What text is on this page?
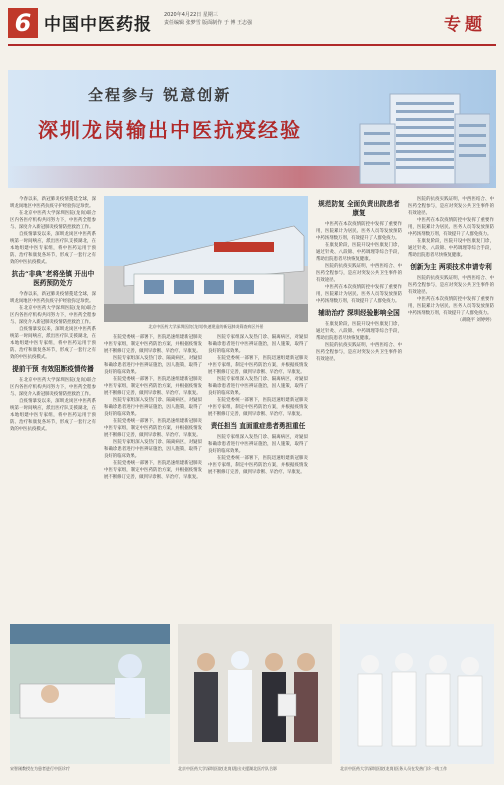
6 中国中医药报 2020年4月22日 星期三
责任编辑 张梦雪 版面制作 于 博 王志强	专题
全程参与 锐意创新
深圳龙岗输出中医抗疫经验

今春以来，新冠肺炎疫情蔓延全球，深圳龙岗地区中医药抗疫守护经验弥足珍贵。

在北京中医药大学深圳医院(龙岗)联合区内各医疗机构共同努力下，中医药全程参与、深度介入新冠肺炎疫情防控救治工作。

自疫情暴发以来，深圳龙岗区中医药系统第一时间响应，派出医疗队支援湖北，在本地组建中医专家组，将中医药运用于预防、治疗和康复各环节，形成了一套行之有效的中医抗疫模式。

抗击“非典”老将坐镇 开出中医药预防处方

今春以来，新冠肺炎疫情蔓延全球，深圳龙岗地区中医药抗疫守护经验弥足珍贵。

在北京中医药大学深圳医院(龙岗)联合区内各医疗机构共同努力下，中医药全程参与、深度介入新冠肺炎疫情防控救治工作。

自疫情暴发以来，深圳龙岗区中医药系统第一时间响应，派出医疗队支援湖北，在本地组建中医专家组，将中医药运用于预防、治疗和康复各环节，形成了一套行之有效的中医抗疫模式。

提前干预 有效阻断疫情传播

在北京中医药大学深圳医院(龙岗)联合区内各医疗机构共同努力下，中医药全程参与、深度介入新冠肺炎疫情防控救治工作。

自疫情暴发以来，深圳龙岗区中医药系统第一时间响应，派出医疗队支援湖北，在本地组建中医专家组，将中医药运用于预防、治疗和康复各环节，形成了一套行之有效的中医抗疫模式。

北京中医药大学深圳医院(龙岗)快速建造的新冠肺炎筛查病区外景

在院党委统一部署下，医院迅速组建新冠肺炎中医专家组，制定中医药防治方案，并根据疫情发展不断修订完善，做到早诊断、早治疗、早康复。

医院专家组深入发热门诊、隔离病区，对疑似和确诊患者进行中医辨证施治，因人施策，取得了良好的临床效果。

在院党委统一部署下，医院迅速组建新冠肺炎中医专家组，制定中医药防治方案，并根据疫情发展不断修订完善，做到早诊断、早治疗、早康复。

医院专家组深入发热门诊、隔离病区，对疑似和确诊患者进行中医辨证施治，因人施策，取得了良好的临床效果。

在院党委统一部署下，医院迅速组建新冠肺炎中医专家组，制定中医药防治方案，并根据疫情发展不断修订完善，做到早诊断、早治疗、早康复。

医院专家组深入发热门诊、隔离病区，对疑似和确诊患者进行中医辨证施治，因人施策，取得了良好的临床效果。

在院党委统一部署下，医院迅速组建新冠肺炎中医专家组，制定中医药防治方案，并根据疫情发展不断修订完善，做到早诊断、早治疗、早康复。

医院专家组深入发热门诊、隔离病区，对疑似和确诊患者进行中医辨证施治，因人施策，取得了良好的临床效果。

在院党委统一部署下，医院迅速组建新冠肺炎中医专家组，制定中医药防治方案，并根据疫情发展不断修订完善，做到早诊断、早治疗、早康复。

医院专家组深入发热门诊、隔离病区，对疑似和确诊患者进行中医辨证施治，因人施策，取得了良好的临床效果。

在院党委统一部署下，医院迅速组建新冠肺炎中医专家组，制定中医药防治方案，并根据疫情发展不断修订完善，做到早诊断、早治疗、早康复。

责任担当 直面重症患者勇担重任

医院专家组深入发热门诊、隔离病区，对疑似和确诊患者进行中医辨证施治，因人施策，取得了良好的临床效果。

在院党委统一部署下，医院迅速组建新冠肺炎中医专家组，制定中医药防治方案，并根据疫情发展不断修订完善，做到早诊断、早治疗、早康复。

规范防复 全面负责出院患者康复

中医药在本次疫情防控中发挥了重要作用，医院累计为居民、医务人员等发放预防中药汤剂数万剂，有效提升了人群免疫力。

在康复阶段，医院开设中医康复门诊，通过针灸、八段锦、中药调理等综合手段，帮助出院患者尽快恢复健康。

医院的抗疫实践证明，中西医结合、中医药全程参与，是应对突发公共卫生事件的有效途径。

中医药在本次疫情防控中发挥了重要作用，医院累计为居民、医务人员等发放预防中药汤剂数万剂，有效提升了人群免疫力。

辅助治疗 深圳经验影响全国

在康复阶段，医院开设中医康复门诊，通过针灸、八段锦、中药调理等综合手段，帮助出院患者尽快恢复健康。

医院的抗疫实践证明，中西医结合、中医药全程参与，是应对突发公共卫生事件的有效途径。

医院的抗疫实践证明，中西医结合、中医药全程参与，是应对突发公共卫生事件的有效途径。

中医药在本次疫情防控中发挥了重要作用，医院累计为居民、医务人员等发放预防中药汤剂数万剂，有效提升了人群免疫力。

在康复阶段，医院开设中医康复门诊，通过针灸、八段锦、中药调理等综合手段，帮助出院患者尽快恢复健康。

创新为主 两项技术申请专利

医院的抗疫实践证明，中西医结合、中医药全程参与，是应对突发公共卫生事件的有效途径。

中医药在本次疫情防控中发挥了重要作用，医院累计为居民、医务人员等发放预防中药汤剂数万剂，有效提升了人群免疫力。

（胡晓平 刘婷婷）
宋智刚教授在为患者进行中医诊疗	北京中医药大学深圳医院(龙岗)派出支援湖北医疗队合影	北京中医药大学深圳医院(龙岗)医务人员在发热门诊一线工作
